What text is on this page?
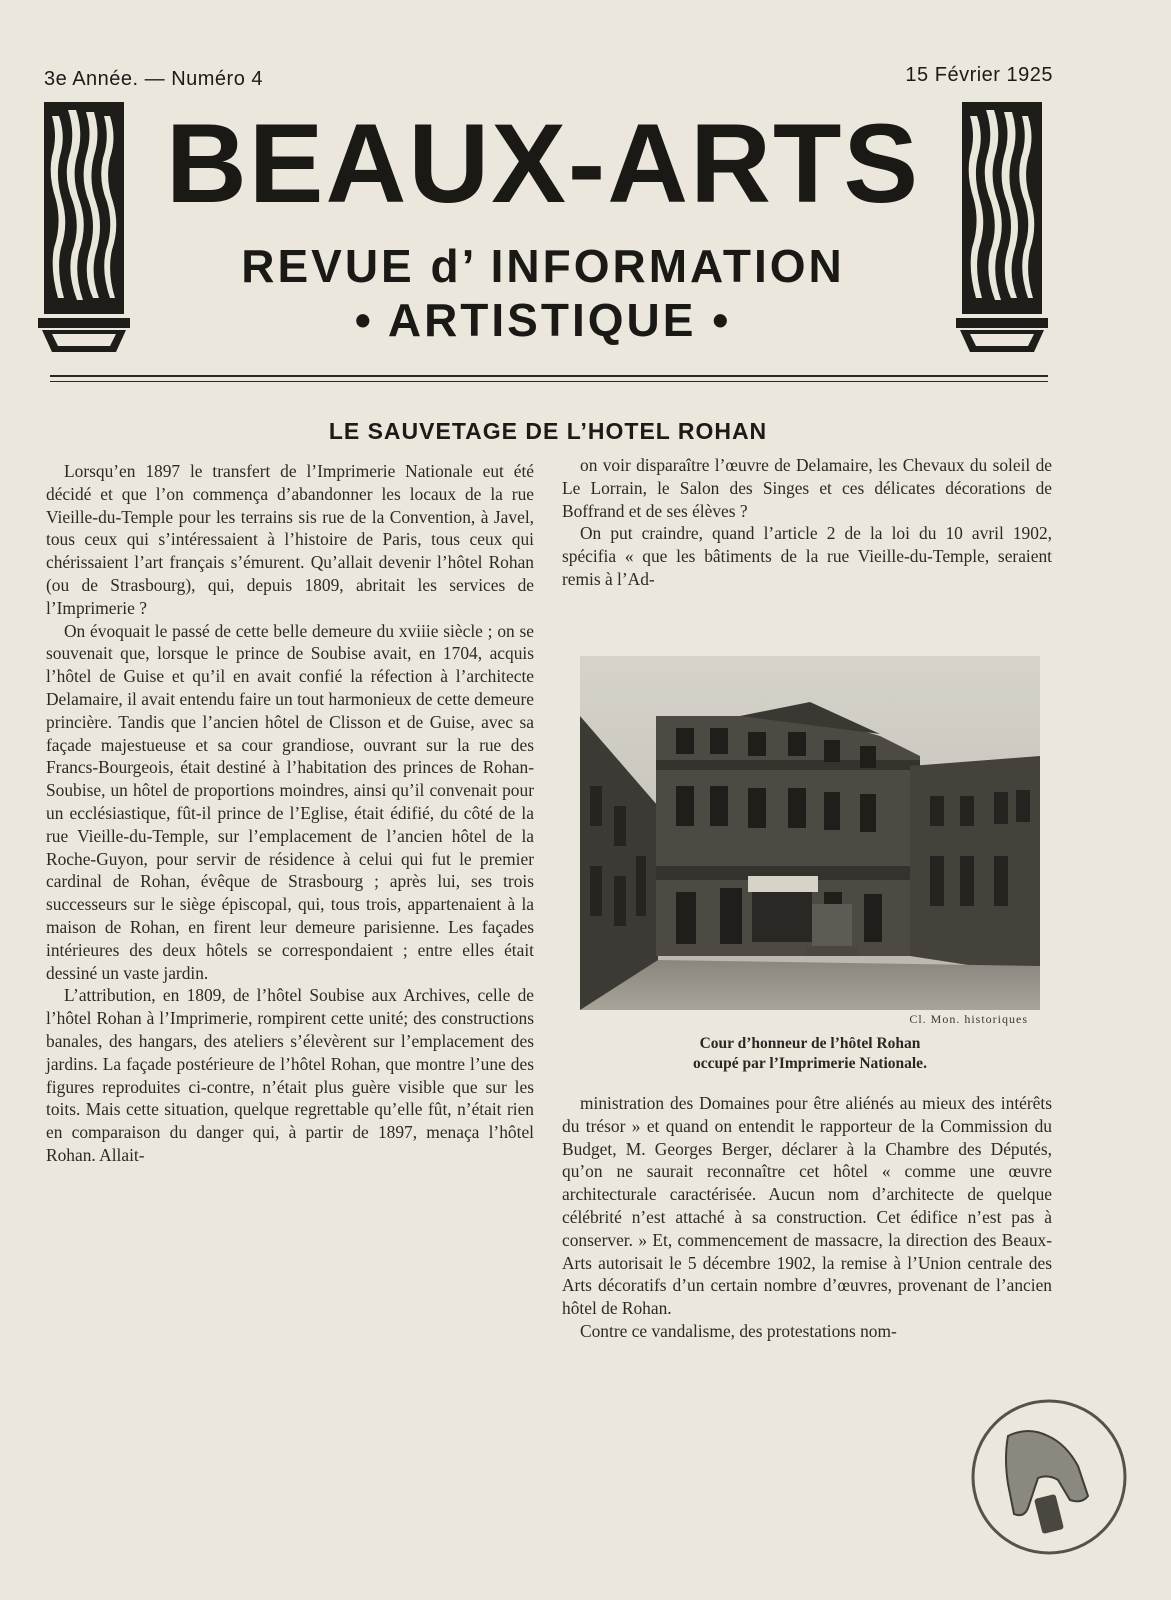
3e Année. — Numéro 4	15 Février 1925
BEAUX-ARTS
REVUE d’ INFORMATION
• ARTISTIQUE •
LE SAUVETAGE DE L’HOTEL ROHAN

Lorsqu’en 1897 le transfert de l’Imprimerie Nationale eut été décidé et que l’on commença d’abandonner les locaux de la rue Vieille-du-Temple pour les terrains sis rue de la Convention, à Javel, tous ceux qui s’intéressaient à l’histoire de Paris, tous ceux qui chérissaient l’art français s’émurent. Qu’allait devenir l’hôtel Rohan (ou de Strasbourg), qui, depuis 1809, abritait les services de l’Imprimerie ?

On évoquait le passé de cette belle demeure du xviiie siècle ; on se souvenait que, lorsque le prince de Soubise avait, en 1704, acquis l’hôtel de Guise et qu’il en avait confié la réfection à l’architecte Delamaire, il avait entendu faire un tout harmonieux de cette demeure princière. Tandis que l’ancien hôtel de Clisson et de Guise, avec sa façade majestueuse et sa cour grandiose, ouvrant sur la rue des Francs-Bourgeois, était destiné à l’habitation des princes de Rohan-Soubise, un hôtel de proportions moindres, ainsi qu’il convenait pour un ecclésiastique, fût-il prince de l’Eglise, était édifié, du côté de la rue Vieille-du-Temple, sur l’emplacement de l’ancien hôtel de la Roche-Guyon, pour servir de résidence à celui qui fut le premier cardinal de Rohan, évêque de Strasbourg ; après lui, ses trois successeurs sur le siège épiscopal, qui, tous trois, appartenaient à la maison de Rohan, en firent leur demeure parisienne. Les façades intérieures des deux hôtels se correspondaient ; entre elles était dessiné un vaste jardin.

L’attribution, en 1809, de l’hôtel Soubise aux Archives, celle de l’hôtel Rohan à l’Imprimerie, rompirent cette unité; des constructions banales, des hangars, des ateliers s’élevèrent sur l’emplacement des jardins. La façade postérieure de l’hôtel Rohan, que montre l’une des figures reproduites ci-contre, n’était plus guère visible que sur les toits. Mais cette situation, quelque regrettable qu’elle fût, n’était rien en comparaison du danger qui, à partir de 1897, menaça l’hôtel Rohan. Allait-

on voir disparaître l’œuvre de Delamaire, les Chevaux du soleil de Le Lorrain, le Salon des Singes et ces délicates décorations de Boffrand et de ses élèves ?

On put craindre, quand l’article 2 de la loi du 10 avril 1902, spécifia « que les bâtiments de la rue Vieille-du-Temple, seraient remis à l’Ad-

Cl. Mon. historiques
Cour d’honneur de l’hôtel Rohan
occupé par l’Imprimerie Nationale.

ministration des Domaines pour être aliénés au mieux des intérêts du trésor » et quand on entendit le rapporteur de la Commission du Budget, M. Georges Berger, déclarer à la Chambre des Députés, qu’on ne saurait reconnaître cet hôtel « comme une œuvre architecturale caractérisée. Aucun nom d’architecte de quelque célébrité n’est attaché à sa construction. Cet édifice n’est pas à conserver. » Et, commencement de massacre, la direction des Beaux-Arts autorisait le 5 décembre 1902, la remise à l’Union centrale des Arts décoratifs d’un certain nombre d’œuvres, provenant de l’ancien hôtel de Rohan.

Contre ce vandalisme, des protestations nom-
